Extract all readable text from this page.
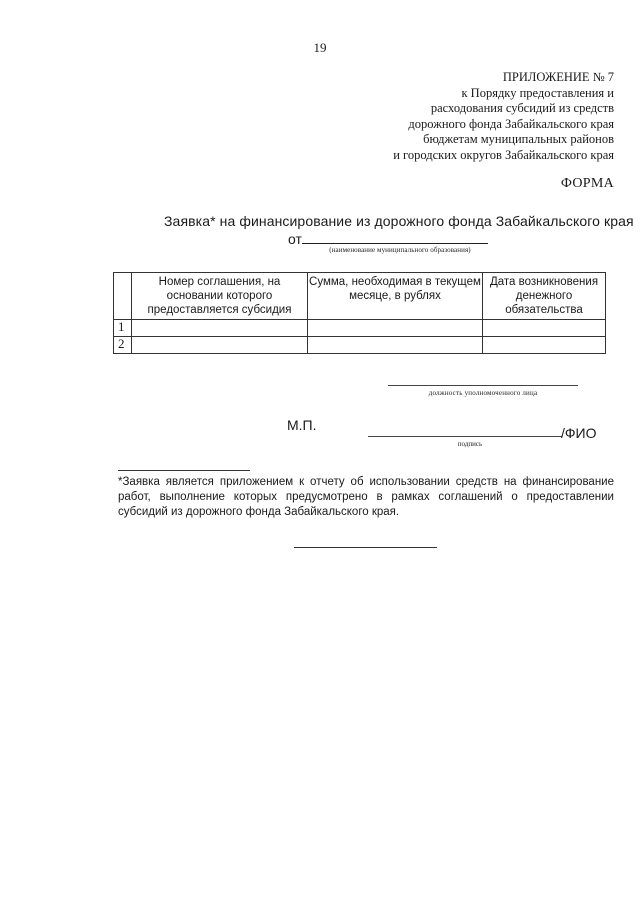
19
ПРИЛОЖЕНИЕ № 7
к Порядку предоставления и
расходования субсидий из средств
дорожного фонда Забайкальского края
бюджетам муниципальных районов
и городских округов Забайкальского края
ФОРМА
Заявка* на финансирование из дорожного фонда Забайкальского края
от
(наименование муниципального образования)
	Номер соглашения, на основании которого предоставляется субсидия	Сумма, необходимая в текущем месяце, в рублях	Дата возникновения денежного обязательства
1			
2			
должность уполномоченного лица
М.П.	/ФИО
подпись
*Заявка является приложением к отчету об использовании средств на финансирование работ, выполнение которых предусмотрено в рамках соглашений о предоставлении субсидий из дорожного фонда Забайкальского края.
